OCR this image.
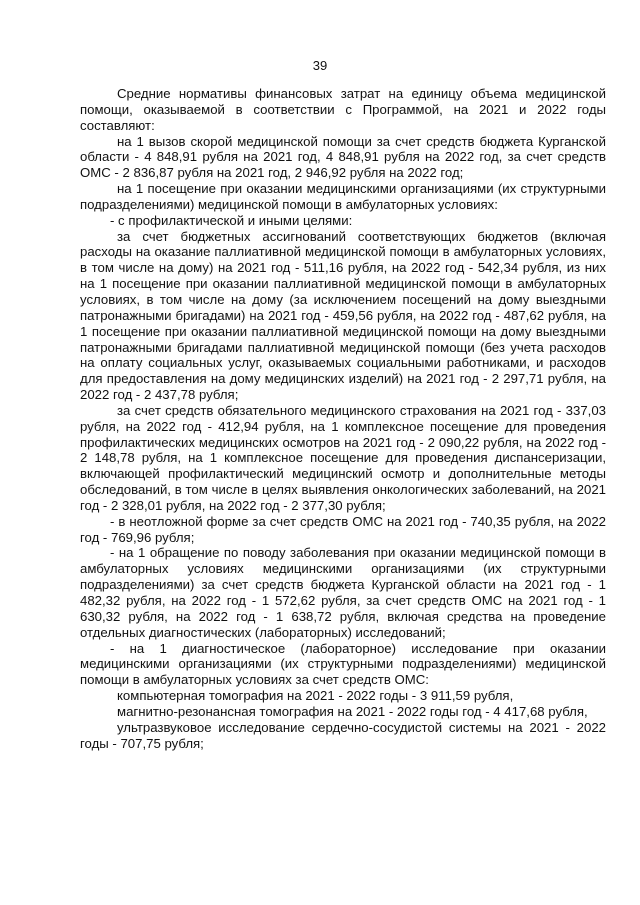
39

Средние нормативы финансовых затрат на единицу объема медицинской помощи, оказываемой в соответствии с Программой, на 2021 и 2022 годы составляют:

на 1 вызов скорой медицинской помощи за счет средств бюджета Курганской области - 4 848,91 рубля на 2021 год, 4 848,91 рубля на 2022 год, за счет средств ОМС - 2 836,87 рубля на 2021 год, 2 946,92 рубля на 2022 год;

на 1 посещение при оказании медицинскими организациями (их структурными подразделениями) медицинской помощи в амбулаторных условиях:

- с профилактической и иными целями:

за счет бюджетных ассигнований соответствующих бюджетов (включая расходы на оказание паллиативной медицинской помощи в амбулаторных условиях, в том числе на дому) на 2021 год - 511,16 рубля, на 2022 год - 542,34 рубля, из них на 1 посещение при оказании паллиативной медицинской помощи в амбулаторных условиях, в том числе на дому (за исключением посещений на дому выездными патронажными бригадами) на 2021 год - 459,56 рубля, на 2022 год - 487,62 рубля, на 1 посещение при оказании паллиативной медицинской помощи на дому выездными патронажными бригадами паллиативной медицинской помощи (без учета расходов на оплату социальных услуг, оказываемых социальными работниками, и расходов для предоставления на дому медицинских изделий) на 2021 год - 2 297,71 рубля, на 2022 год - 2 437,78 рубля;

за счет средств обязательного медицинского страхования на 2021 год - 337,03 рубля, на 2022 год - 412,94 рубля, на 1 комплексное посещение для проведения профилактических медицинских осмотров на 2021 год - 2 090,22 рубля, на 2022 год - 2 148,78 рубля, на 1 комплексное посещение для проведения диспансеризации, включающей профилактический медицинский осмотр и дополнительные методы обследований, в том числе в целях выявления онкологических заболеваний, на 2021 год - 2 328,01 рубля, на 2022 год - 2 377,30 рубля;

- в неотложной форме за счет средств ОМС на 2021 год - 740,35 рубля, на 2022 год - 769,96 рубля;

- на 1 обращение по поводу заболевания при оказании медицинской помощи в амбулаторных условиях медицинскими организациями (их структурными подразделениями) за счет средств бюджета Курганской области на 2021 год - 1 482,32 рубля, на 2022 год - 1 572,62 рубля, за счет средств ОМС на 2021 год - 1 630,32 рубля, на 2022 год - 1 638,72 рубля, включая средства на проведение отдельных диагностических (лабораторных) исследований;

- на 1 диагностическое (лабораторное) исследование при оказании медицинскими организациями (их структурными подразделениями) медицинской помощи в амбулаторных условиях за счет средств ОМС:

компьютерная томография на 2021 - 2022 годы - 3 911,59 рубля,

магнитно-резонансная томография на 2021 - 2022 годы год - 4 417,68 рубля,

ультразвуковое исследование сердечно-сосудистой системы на 2021 - 2022 годы - 707,75 рубля;
